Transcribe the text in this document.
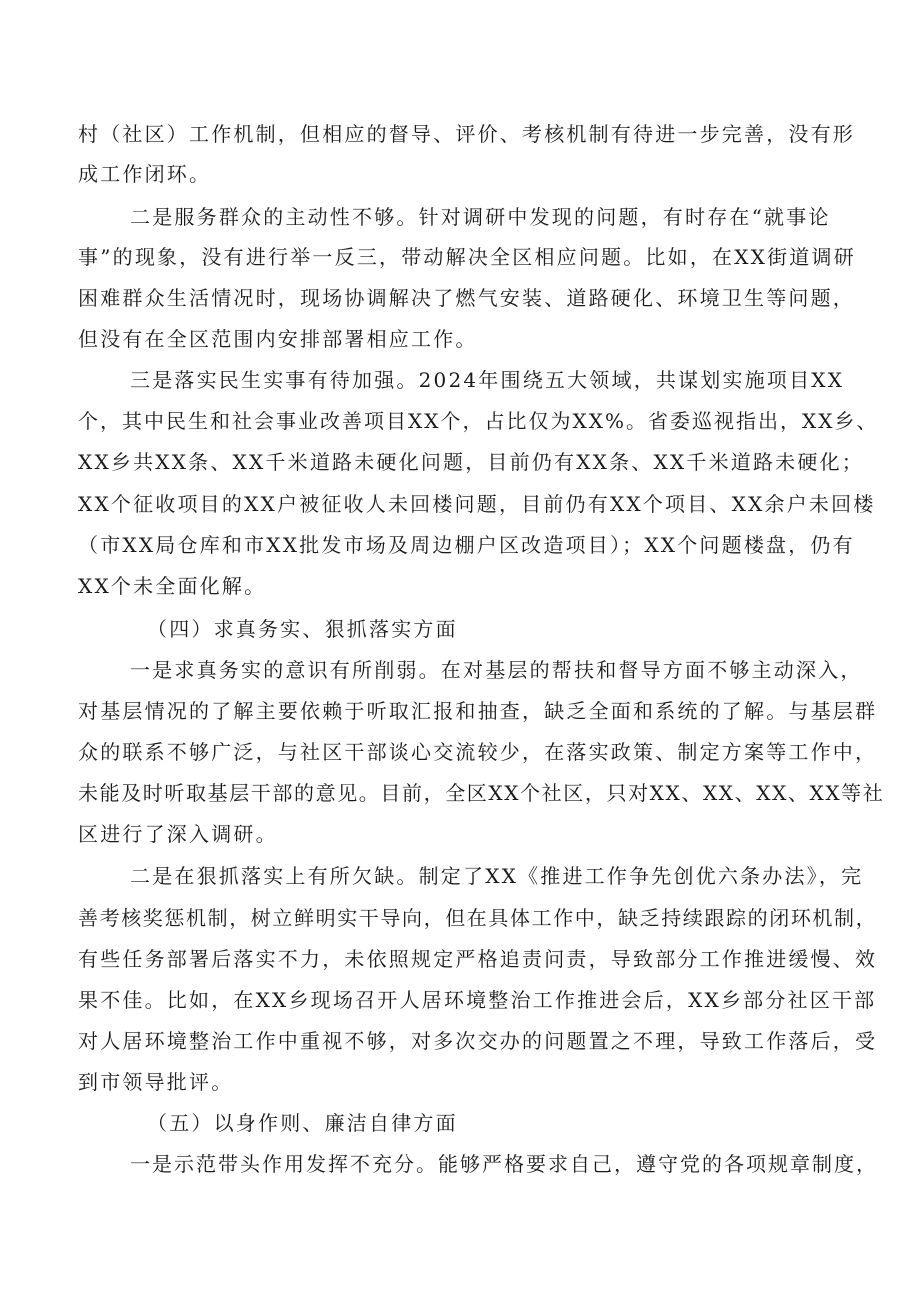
村（社区）工作机制，但相应的督导、评价、考核机制有待进一步完善，没有形
成工作闭环。
二是服务群众的主动性不够。针对调研中发现的问题，有时存在“就事论
事”的现象，没有进行举一反三，带动解决全区相应问题。比如，在XX街道调研
困难群众生活情况时，现场协调解决了燃气安装、道路硬化、环境卫生等问题，
但没有在全区范围内安排部署相应工作。
三是落实民生实事有待加强。2024年围绕五大领域，共谋划实施项目XX
个，其中民生和社会事业改善项目XX个，占比仅为XX%。省委巡视指出，XX乡、
XX乡共XX条、XX千米道路未硬化问题，目前仍有XX条、XX千米道路未硬化；
XX个征收项目的XX户被征收人未回楼问题，目前仍有XX个项目、XX余户未回楼
（市XX局仓库和市XX批发市场及周边棚户区改造项目）；XX个问题楼盘，仍有
XX个未全面化解。
（四）求真务实、狠抓落实方面
一是求真务实的意识有所削弱。在对基层的帮扶和督导方面不够主动深入，
对基层情况的了解主要依赖于听取汇报和抽查，缺乏全面和系统的了解。与基层群
众的联系不够广泛，与社区干部谈心交流较少，在落实政策、制定方案等工作中，
未能及时听取基层干部的意见。目前，全区XX个社区，只对XX、XX、XX、XX等社
区进行了深入调研。
二是在狠抓落实上有所欠缺。制定了XX《推进工作争先创优六条办法》，完
善考核奖惩机制，树立鲜明实干导向，但在具体工作中，缺乏持续跟踪的闭环机制，
有些任务部署后落实不力，未依照规定严格追责问责，导致部分工作推进缓慢、效
果不佳。比如，在XX乡现场召开人居环境整治工作推进会后，XX乡部分社区干部
对人居环境整治工作中重视不够，对多次交办的问题置之不理，导致工作落后，受
到市领导批评。
（五）以身作则、廉洁自律方面
一是示范带头作用发挥不充分。能够严格要求自己，遵守党的各项规章制度，
